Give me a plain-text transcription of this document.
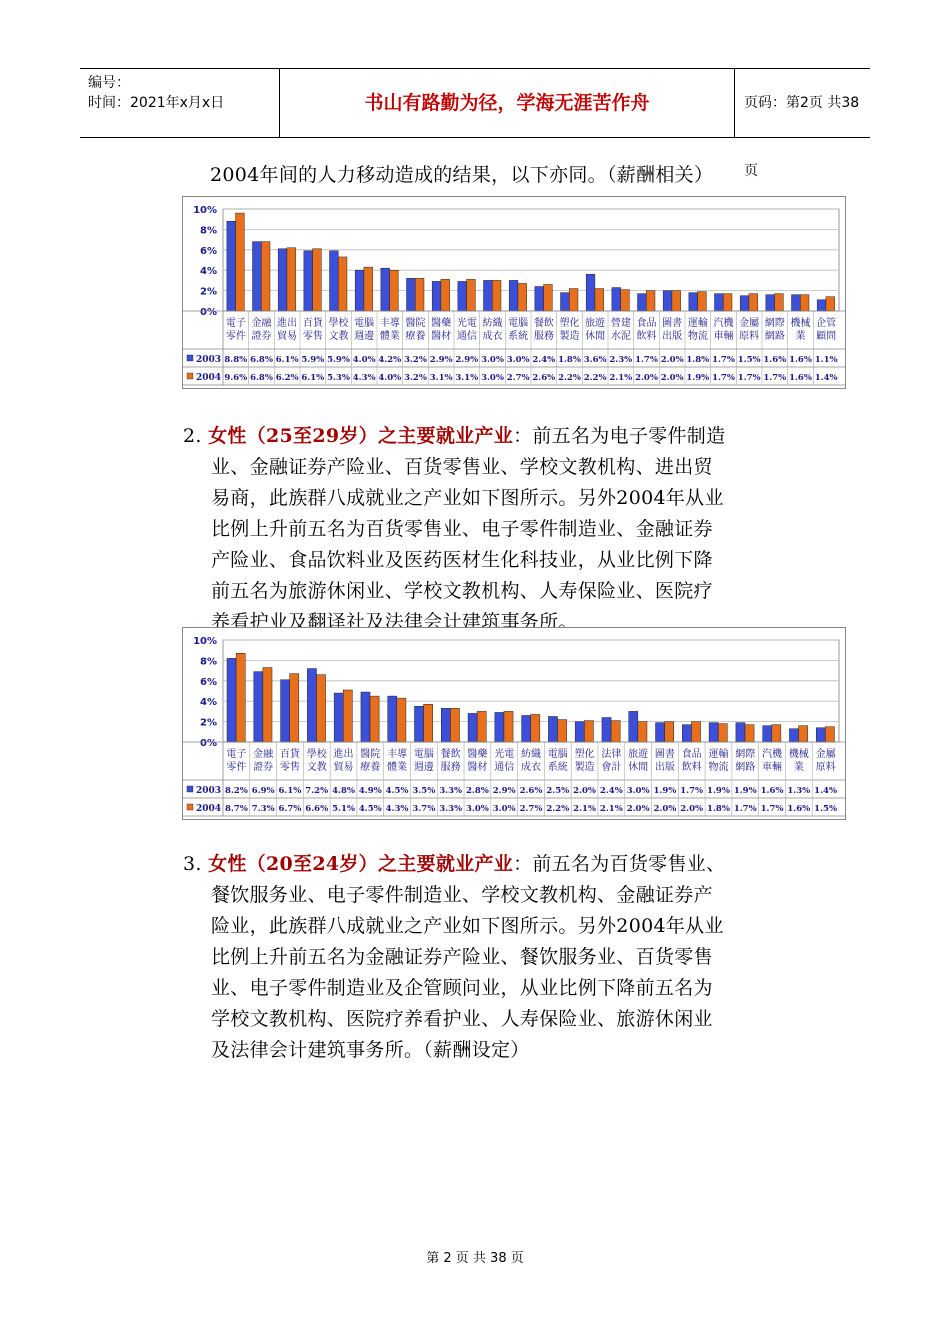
编号：
时间：2021年x月x日	书山有路勤为径，学海无涯苦作舟	页码：第2页 共38页
2004年间的人力移动造成的结果，以下亦同。（薪酬相关）
10%
8%
6%
4%
2%
0%
電子零件
金融證券
進出貿易
百貨零售
學校文教
電腦週邊
丰導體業
醫院療養
醫藥醫材
光電通信
紡織成衣
電腦系統
餐飲服務
塑化製造
旅遊休閒
營建水泥
食品飲料
圖書出版
運輸物流
汽機車輛
金屬原料
網際網路
機械業
企管顧問
2003 8.8% 6.8% 6.1% 5.9% 5.9% 4.0% 4.2% 3.2% 2.9% 2.9% 3.0% 3.0% 2.4% 1.8% 3.6% 2.3% 1.7% 2.0% 1.8% 1.7% 1.5% 1.6% 1.6% 1.1%
2004 9.6% 6.8% 6.2% 6.1% 5.3% 4.3% 4.0% 3.2% 3.1% 3.1% 3.0% 2.7% 2.6% 2.2% 2.2% 2.1% 2.0% 2.0% 1.9% 1.7% 1.7% 1.7% 1.6% 1.4%
2. 女性（25至29岁）之主要就业产业：前五名为电子零件制造
业、金融证券产险业、百货零售业、学校文教机构、进出贸
易商，此族群八成就业之产业如下图所示。另外2004年从业
比例上升前五名为百货零售业、电子零件制造业、金融证券
产险业、食品饮料业及医药医材生化科技业，从业比例下降
前五名为旅游休闲业、学校文教机构、人寿保险业、医院疗
养看护业及翻译社及法律会计建筑事务所。
10%
8%
6%
4%
2%
0%
電子零件
金融證券
百貨零售
學校文教
進出貿易
醫院療養
丰導體業
電腦週邊
餐飲服務
醫藥醫材
光電通信
紡織成衣
電腦系統
塑化製造
法律會計
旅遊休閒
圖書出版
食品飲料
運輸物流
網際網路
汽機車輛
機械業
金屬原料
2003 8.2% 6.9% 6.1% 7.2% 4.8% 4.9% 4.5% 3.5% 3.3% 2.8% 2.9% 2.6% 2.5% 2.0% 2.4% 3.0% 1.9% 1.7% 1.9% 1.9% 1.6% 1.3% 1.4%
2004 8.7% 7.3% 6.7% 6.6% 5.1% 4.5% 4.3% 3.7% 3.3% 3.0% 3.0% 2.7% 2.2% 2.1% 2.1% 2.0% 2.0% 2.0% 1.8% 1.7% 1.7% 1.6% 1.5%
3. 女性（20至24岁）之主要就业产业：前五名为百货零售业、
餐饮服务业、电子零件制造业、学校文教机构、金融证券产
险业，此族群八成就业之产业如下图所示。另外2004年从业
比例上升前五名为金融证券产险业、餐饮服务业、百货零售
业、电子零件制造业及企管顾问业，从业比例下降前五名为
学校文教机构、医院疗养看护业、人寿保险业、旅游休闲业
及法律会计建筑事务所。（薪酬设定）
第 2 页 共 38 页
